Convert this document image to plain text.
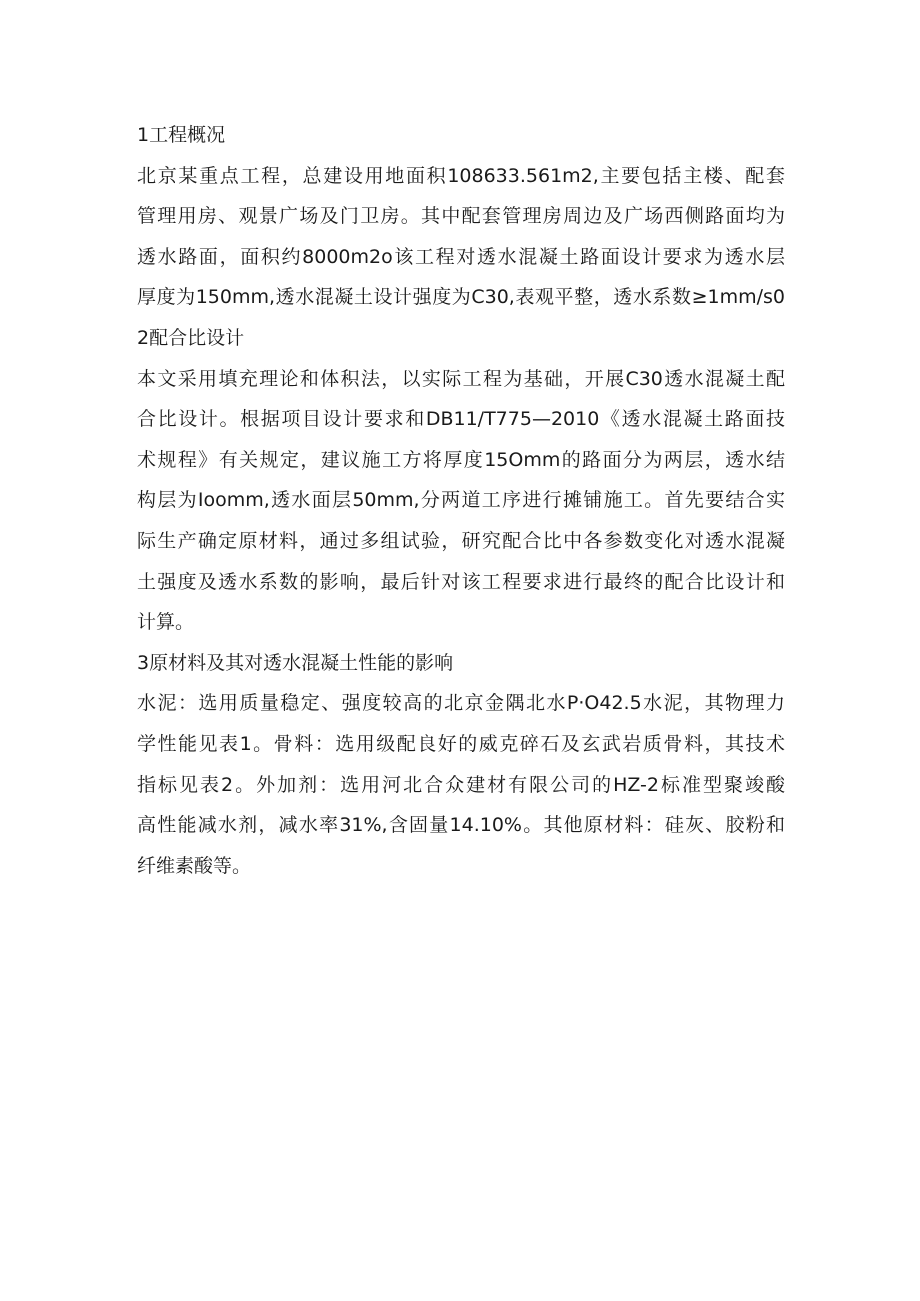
1工程概况
北京某重点工程，总建设用地面积108633.561m2,主要包括主楼、配套
管理用房、观景广场及门卫房。其中配套管理房周边及广场西侧路面均为
透水路面，面积约8000m2o该工程对透水混凝土路面设计要求为透水层
厚度为150mm,透水混凝土设计强度为C30,表观平整，透水系数≥1mm∕s0
2配合比设计
本文采用填充理论和体积法，以实际工程为基础，开展C30透水混凝土配
合比设计。根据项目设计要求和DB11/T775—2010《透水混凝土路面技
术规程》有关规定，建议施工方将厚度15Omm的路面分为两层，透水结
构层为Ioomm,透水面层50mm,分两道工序进行摊铺施工。首先要结合实
际生产确定原材料，通过多组试验，研究配合比中各参数变化对透水混凝
土强度及透水系数的影响，最后针对该工程要求进行最终的配合比设计和
计算。
3原材料及其对透水混凝土性能的影响
水泥：选用质量稳定、强度较高的北京金隅北水P·O42.5水泥，其物理力
学性能见表1。骨料：选用级配良好的威克碎石及玄武岩质骨料，其技术
指标见表2。外加剂：选用河北合众建材有限公司的HZ-2标准型聚竣酸
高性能减水剂，减水率31%,含固量14.10%。其他原材料：硅灰、胶粉和
纤维素酸等。
